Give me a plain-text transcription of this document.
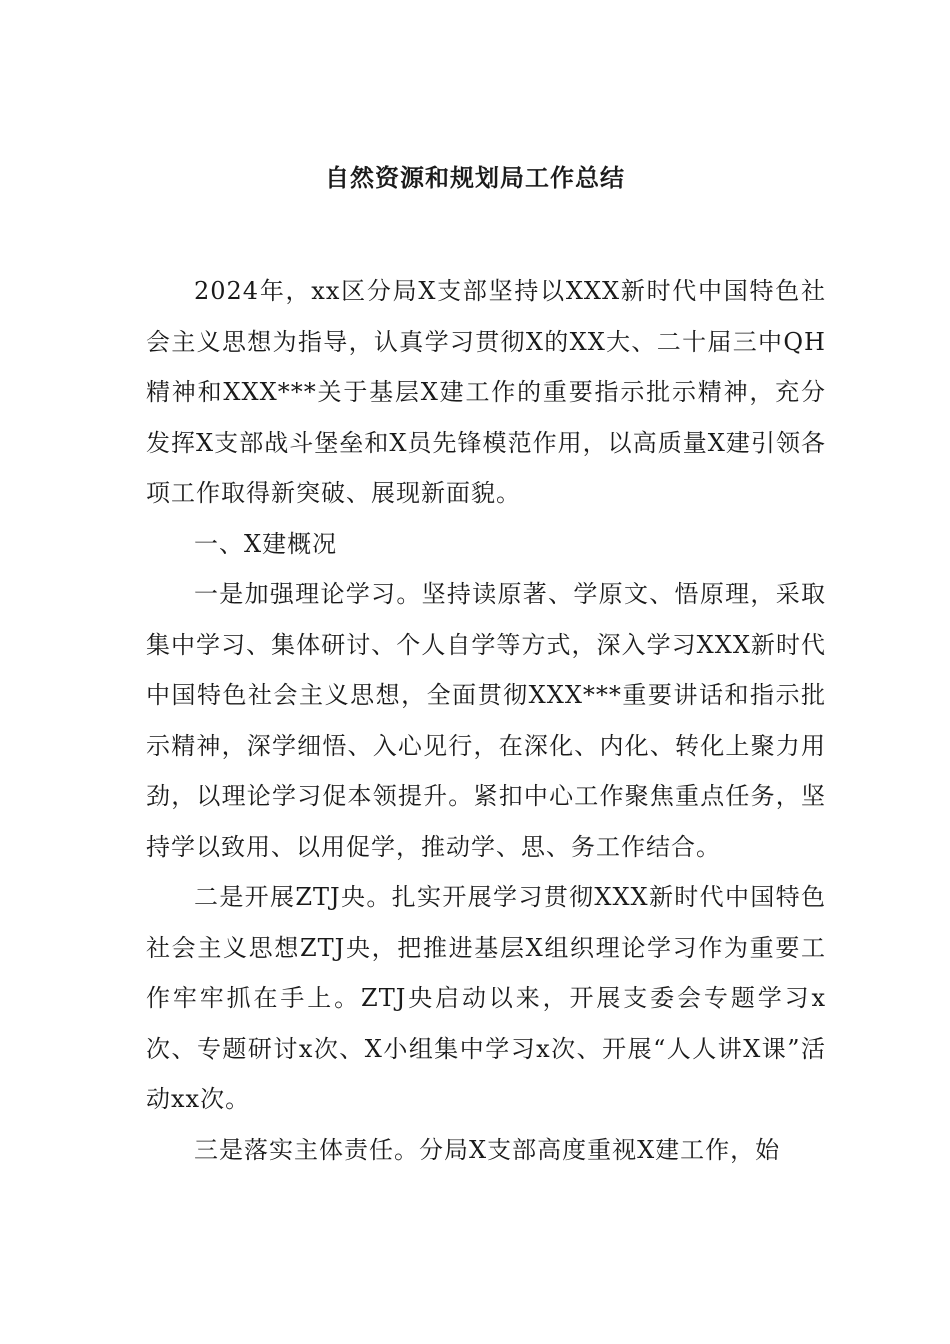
自然资源和规划局工作总结

2024年，xx区分局X支部坚持以XXX新时代中国特色社会主义思想为指导，认真学习贯彻X的XX大、二十届三中QH精神和XXX***关于基层X建工作的重要指示批示精神，充分发挥X支部战斗堡垒和X员先锋模范作用，以高质量X建引领各项工作取得新突破、展现新面貌。

一、X建概况

一是加强理论学习。坚持读原著、学原文、悟原理，采取集中学习、集体研讨、个人自学等方式，深入学习XXX新时代中国特色社会主义思想，全面贯彻XXX***重要讲话和指示批示精神，深学细悟、入心见行，在深化、内化、转化上聚力用劲，以理论学习促本领提升。紧扣中心工作聚焦重点任务，坚持学以致用、以用促学，推动学、思、务工作结合。

二是开展ZTJ央。扎实开展学习贯彻XXX新时代中国特色社会主义思想ZTJ央，把推进基层X组织理论学习作为重要工作牢牢抓在手上。ZTJ央启动以来，开展支委会专题学习x次、专题研讨x次、X小组集中学习x次、开展“人人讲X课”活动xx次。

三是落实主体责任。分局X支部高度重视X建工作，始
